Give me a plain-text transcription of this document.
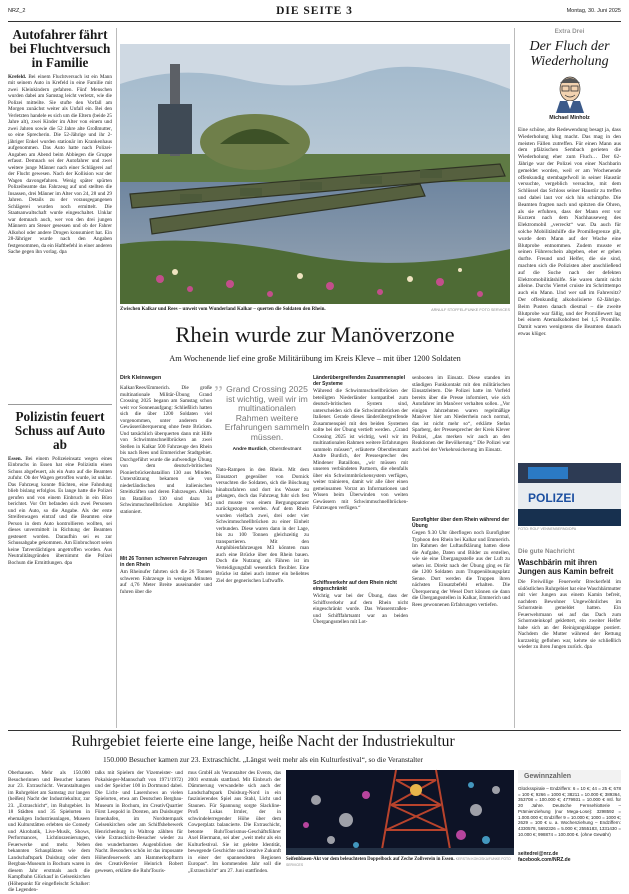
NRZ_2	DIE SEITE 3	Montag, 30. Juni 2025
Autofahrer fährt bei Fluchtversuch in Familie
Krefeld. Bei einem Fluchtversuch ist ein Mann mit seinem Auto in Krefeld in eine Familie mit zwei Kleinkindern gefahren. Fünf Menschen wurden dabei am Samstag leicht verletzt, wie die Polizei mitteilte. Sie stufte den Vorfall am Morgen zunächst weiter als Unfall ein. Bei den Verletzten handele es sich um die Eltern (beide 25 Jahre alt), zwei Kinder im Alter von einem und zwei Jahren sowie die 52 Jahre alte Großmutter, so eine Sprecherin. Die 52-Jährige und ihr 2-jähriger Enkel wurden stationär im Krankenhaus aufgenommen. Das Auto hatte nach Polizei-Angaben am Abend beim Abbiegen die Gruppe erfasst. Demnach sei der Autofahrer und zwei weitere junge Männer nach einer Schlägerei auf der Flucht gewesen. Nach der Kollision war der Wagen davongefahren. Wenig später spürten Polizeibeamte das Fahrzeug auf und stellten die Insassen, drei Männer im Alter von 24, 28 und 29 Jahren. Details zu der vorausgegangenen Schlägerei wurden noch ermittelt. Die Staatsanwaltschaft wurde eingeschaltet. Unklar war demnach auch, wer von den drei jungen Männern am Steuer gesessen und ob der Fahrer Alkohol oder andere Drogen konsumiert hat. Ein 28-Jähriger wurde nach den Angaben festgenommen, da ein Haftbefehl in einer anderen Sache gegen ihn vorlag. dpa
Polizistin feuert Schuss auf Auto ab
Essen. Bei einem Polizeieinsatz wegen eines Einbruchs in Essen hat eine Polizistin einen Schuss abgefeuert, als ein Auto auf die Beamten zufuhr. Ob der Wagen getroffen wurde, ist unklar. Das Fahrzeug konnte flüchten, eine Fahndung blieb bislang erfolglos. Es lange hatte die Polizei gerufen und von einem Einbruch in ein Büro berichtet. Vor Ort befanden sich zwei Personen und ein Auto, so die Angabe. Als der erste Streifenwagen eintraf und die Beamten eine Person in dem Auto kontrollieren wollten, sei dieses unvermittelt in Richtung der Beamten gesteuert worden. Daraufhin sei es zur Schussabgabe gekommen. Am Einbruchsort seien keine Tatverdächtigen angetroffen worden. Aus Neutralitätsgründen übernimmt die Polizei Bochum die Ermittlungen. dpa
Zwischen Kalkar und Rees – unweit vom Wunderland Kalkar – querten die Soldaten den Rhein.	ARNULF STOFFEL/FUNKE FOTO SERVICES
Rhein wurde zur Manöverzone
Am Wochenende lief eine große Militärübung im Kreis Kleve – mit über 1200 Soldaten
Dirk Kleinwegen
Kalkar/Rees/Emmerich. Die große multinationale Militär-Übung Grand Crossing 2025 begann am Samstag schon weit vor Sonnenaufgang: Schließlich hatten sich die über 1200 Soldaten viel vorgenommen, unter anderem die Gewässerüberquerung ohne feste Brücken. Und tatsächlich überquerten dann mit Hilfe von Schwimmschnellbrücken an zwei Stellen in Kalkar 500 Fahrzeuge den Rhein bis nach Rees und Emmericher Stadtgebiet. Durchgeführt wurde die aufwendige Übung von dem deutsch-britischen Pionierbrückenbataillon 130 aus Minden. Unterstützung bekamen sie von niederländischen und italienischen Streitkräften und deren Fahrzeugen. Allein im Bataillon 130 sind dazu 34 Schwimmschnellbrücken Amphibie M3 stationiert.
Mit 26 Tonnen schweren Fahrzeugen in den Rhein
Am Rheinufer fahrten sich die 26 Tonnen schweren Fahrzeuge in wenigen Minuten auf 4,76 Meter Breite auseinander und fuhren über die
„ Grand Crossing 2025 ist wichtig, weil wir im multinationalen Rahmen weitere Erfahrungen sammeln müssen.
Andre Burdich, Oberstleutnant
Nato-Rampen in den Rhein. Mit dem Einsatzort gegenüber von Dornick versuchten die Soldaten, sich die Böschung hinabzufahren und dort ins Wasser zu gelangen, doch das Fahrzeug fuhr sich fest und musste von einem Bergungspanzer zurückgezogen werden. Auf dem Rhein wurden vielfach zwei, drei oder vier Schwimmschnellbrücken zu einer Einheit verbunden. Diese waren dann in der Lage, bis zu 100 Tonnen gleichzeitig zu transportieren. Mit den Amphibienfahrzeugen M3 könnten man auch eine Brücke über den Rhein bauen. Doch die Nutzung als Fähren ist im Verteidigungsfall wesentlich flexibler. Eine Brücke ist dabei auch immer ein beliebtes Ziel der gegnerischen Luftwaffe.
Länderübergreifendes Zusammenspiel der Systeme
Während die Schwimmschnellbrücken der beteiligten Niederländer kompatibel zum deutsch-britischen System sind, unterscheiden sich die Schwimmbrücken der Italiener. Gerade dieses länderübergreifende Zusammenspiel mit den beiden Systemen sollte bei der Übung vertieft werden. „Grand Crossing 2025 ist wichtig, weil wir im multinationalen Rahmen weitere Erfahrungen sammeln müssen“, erläuterte Oberstleutnant Andre Burdich, der Pressesprecher des Mindener Bataillons, „wir müssen mit unseren verbündeten Partnern, die ebenfalls über ein Schwimmbrückensystem verfügen, weiter trainieren, damit wir alle über einen gemeinsamen Vorrat an Informationen und Wissen beim Überwinden von weiten Gewässern mit Schwimmschnellbrücken-Fahrzeugen verfügen.“
Schiffsverkehr auf dem Rhein nicht eingeschränkt
Wichtig war bei der Übung, dass der Schiffsverkehr auf dem Rhein nicht eingeschränkt wurde. Das Wasserstraßen- und Schifffahrtsamt war an beiden Übergangsstellen mit Lot-
senbooten im Einsatz. Diese standen im ständigen Funkkontakt mit den militärischen Einsatzleitern. Die Polizei hatte im Vorfeld bereits über die Presse informiert, wie sich Autofahrer im Manöver verhalten sollen. „Vor einigen Jahrzehnten waren regelmäßige Manöver hier am Niederrhein noch normal, das ist nicht mehr so“, erklärte Stefan Sparberg, der Pressesprecher der Kreis Klever Polizei, „das merken wir auch an den Reaktionen der Bevölkerung.“ Die Polizei war auch bei der Verkehrssicherung im Einsatz.
Eurofighter über dem Rhein während der Übung
Gegen 9.30 Uhr überflogen noch Eurofighter Typhoon den Rhein bei Kalkar und Emmerich. Im Rahmen der Luftaufklärung hatten diese die Aufgabe, Daten und Bilder zu erstellen, wie sie eine Übergangsstelle aus der Luft zu sehen ist. Direkt nach der Übung ging es für die 1200 Soldaten zum Truppenübungsplatz Senne. Dort werden die Truppen ihren nächsten Einsatzbefehl erhalten. Die Überquerung der Wesel Dort können sie dann die Übergangsstellen in Kalkar, Emmerich und Rees gewonnenen Erfahrungen vertiefen.
Extra Drei
Der Fluch der Wiederholung
Michael Minholz
Eine schöne, alte Redewendung besagt ja, dass Wiederholung klug macht. Das mag in den meisten Fällen zutreffen. Für einen Mann aus dem pfälzischen Sembach gerieten die Wiederholung eher zum Fluch… Der 62-Jährige war der Polizei von einer Nachbarin gemeldet worden, weil er am Wochenende offenkundig stembagefwoll in seiner Haustür versuchte, vergeblich versuchte, mit dem Schlüssel das Schloss seiner Haustür zu treffen und dabei laut vor sich hin schimpfte. Die Beamten fragten nach und spitzten die Ohren, als sie erfuhren, dass der Mann erst vor Kurzem nach dem Nachhauseweg des Elektromobil „verreckt“ war. Da auch für solche Mobilitätshilfe die Promillegrenze gilt, wurde dem Mann auf der Wache eine Blutprobe entnommen. Zudem musste er seinen Führerschein abgeben, eher er gehen durfte. Freund und Helfer, die sie sind, machten sich die Polizisten aber anschließend auf die Suche nach der defekten Elektromobilitätshilfe. Sie waren damit nicht alleine. Durchs Viertel cruiste im Schritttempo auch ein Mann. Und wer saß im Fahrersitz? Der offenkundig alkoholisierte 62-Jährige. Beim Pusten danach diesmal – die zweite Blutprobe war fällig, und der Promillewert lag bei einem Atemalkoholtest bei 1,5 Promille. Damit waren wenigstens die Beamten danach etwas klüger.
POLIZEI
FOTO: ROLF VENNENBERND/DPA
Die gute Nachricht
Waschbärin mit ihren Jungen aus Kamin befreit
Die Freiwillige Feuerwehr Breckerfeld im südöstlichen Ruhrgebiet hat eine Waschbärmutter mit vier Jungen aus einem Kamin befreit, nachdem Bewohner Ungewöhnliches im Schornstein gemeldet hatten. Ein Feuerwehrmann sei auf das Dach zum Schornsteinkopf geklettert, ein zweiter Helfer habe sich an der Reinigungsklappe postiert. Nachdem die Mutter während der Rettung kurzzeitig geflohen war, kehrte sie schließlich wieder zu ihren Jungen zurück. dpa
Ruhrgebiet feierte eine lange, heiße Nacht der Industriekultur
150.000 Besucher kamen zur 23. Extraschicht. „Längst weit mehr als ein Kulturfestival“, so die Veranstalter
Oberhausen. Mehr als 150.000 Besucherinnen und Besucher kamen zur 23. Extraschicht. Veranstaltungen im Ruhrgebiet am Samstag zur langen (heißen) Nacht der Industriekultur, zur 23. „Extraschicht“, im Ruhrgebiet. In 18 Städten und 35 Spielorten in ehemaligen Industrieanlagen, Museen und Kulturstätten erlebten sie Comedy und Akrobatik, Live-Musik, Shows, Performances, Lichtinszenierungen, Feuerwerke und mehr. Neben bekannten Schauplätzen wie dem Landschaftspark Duisburg oder dem Bergbau-Museum in Bochum waren in diesem Jahr erstmals auch die Kampfbahn Glückauf in Gelsenkirchen (Höhepunkt für eingefleischt Schalker: die Legenden-
talks mit Spielern der Vizemeister- und Pokalsieger-Mannschaft von 1971/1972) und der Speicher 100 in Dortmund dabei. Die Licht- und Lasershows an vielen Spielorten, etwa am Deutschen Bergbau-Museum in Bochum, im CreativQuartier Fürst Leopold in Dorsten, am Duisburger Innenhafen, im Nordsternpark Gelsenkirchen oder am Schiffshebewerk Henrichenburg in Waltrop zählten für viele Extraschicht-Besucher wieder zu den wunderbarsten Augenblicken der Nacht. Besonders schön ist das imposante Höhenfeuerwerk am Hammerkopfturm des CreativRevier Heinrich Robert gewesen, erklärte die RuhrTouris-
mus GmbH als Veranstalter des Events, das 2001 erstmals stattfand. Mit Einbruch der Dämmerung verwandelte sich auch der Landschaftspark Duisburg-Nord in ein faszinierendes Spiel aus Stahl, Licht und Staunen. Für Spannung sorgte Slackline-Profi Lukas Irmler, der in schwindelerregender Höhe über dem Cowperplatz balancierte. Die Extraschicht, betonte RuhrTourismus-Geschäftsführer Axel Biermann, sei aber „weit mehr als ein Kulturfestival. Sie ist gelebte Identität, bewegende Geschichte und kreative Zukunft in einer der spannendsten Regionen Europas“. Im kommenden Jahr soll die „Extraschicht“ am 27. Juni stattfinden.
Seifenblasen-Akt vor dem beleuchteten Doppelbock auf Zeche Zollverein in Essen. KERSTIN KOKOSKA/FUNKE FOTO SERVICES
Gewinnzahlen
Glücksspirale – Endziffern: 6 = 10 €; 44 = 25 €; 678 = 100 €; 9266 = 1000 €; 38211 = 10.000 €; 389364, 353708 = 100.000 €; 4779931 = 10.000 € mtl. für 20 Jahre. Deutsche Fernsehlotterie – Prämienziehung (nur Mega-Lose): 3298592 = 1.000.000 €; Endziffer 9 = 10.000 €; 1000 = 1000 €; 2629 = 100 € u. a. Wochenziehung – Endziffern: 4330578, 5692326 = 5.000 €; 2555183, 1331430 = 10.000 €; 998874 = 100.000 €. (ohne Gewähr)
seitedrei@nrz.de
facebook.com/NRZ.de
